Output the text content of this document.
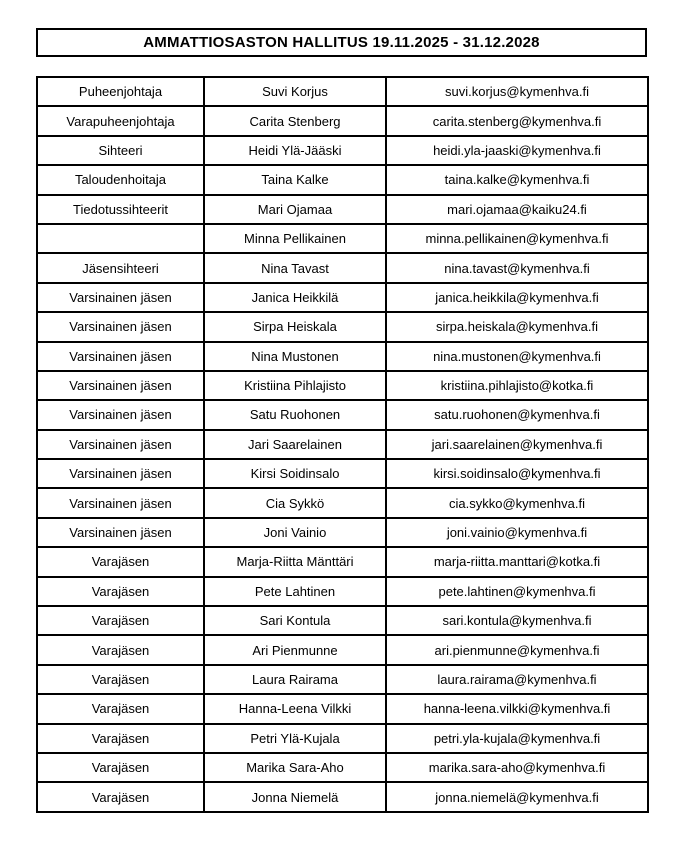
AMMATTIOSASTON HALLITUS 19.11.2025 - 31.12.2028
Puheenjohtaja	Suvi Korjus	suvi.korjus@kymenhva.fi
Varapuheenjohtaja	Carita Stenberg	carita.stenberg@kymenhva.fi
Sihteeri	Heidi Ylä-Jääski	heidi.yla-jaaski@kymenhva.fi
Taloudenhoitaja	Taina Kalke	taina.kalke@kymenhva.fi
Tiedotussihteerit	Mari Ojamaa	mari.ojamaa@kaiku24.fi
	Minna Pellikainen	minna.pellikainen@kymenhva.fi
Jäsensihteeri	Nina Tavast	nina.tavast@kymenhva.fi
Varsinainen jäsen	Janica Heikkilä	janica.heikkila@kymenhva.fi
Varsinainen jäsen	Sirpa Heiskala	sirpa.heiskala@kymenhva.fi
Varsinainen jäsen	Nina Mustonen	nina.mustonen@kymenhva.fi
Varsinainen jäsen	Kristiina Pihlajisto	kristiina.pihlajisto@kotka.fi
Varsinainen jäsen	Satu Ruohonen	satu.ruohonen@kymenhva.fi
Varsinainen jäsen	Jari Saarelainen	jari.saarelainen@kymenhva.fi
Varsinainen jäsen	Kirsi Soidinsalo	kirsi.soidinsalo@kymenhva.fi
Varsinainen jäsen	Cia Sykkö	cia.sykko@kymenhva.fi
Varsinainen jäsen	Joni Vainio	joni.vainio@kymenhva.fi
Varajäsen	Marja-Riitta Mänttäri	marja-riitta.manttari@kotka.fi
Varajäsen	Pete Lahtinen	pete.lahtinen@kymenhva.fi
Varajäsen	Sari Kontula	sari.kontula@kymenhva.fi
Varajäsen	Ari Pienmunne	ari.pienmunne@kymenhva.fi
Varajäsen	Laura Rairama	laura.rairama@kymenhva.fi
Varajäsen	Hanna-Leena Vilkki	hanna-leena.vilkki@kymenhva.fi
Varajäsen	Petri Ylä-Kujala	petri.yla-kujala@kymenhva.fi
Varajäsen	Marika Sara-Aho	marika.sara-aho@kymenhva.fi
Varajäsen	Jonna Niemelä	jonna.niemelä@kymenhva.fi
